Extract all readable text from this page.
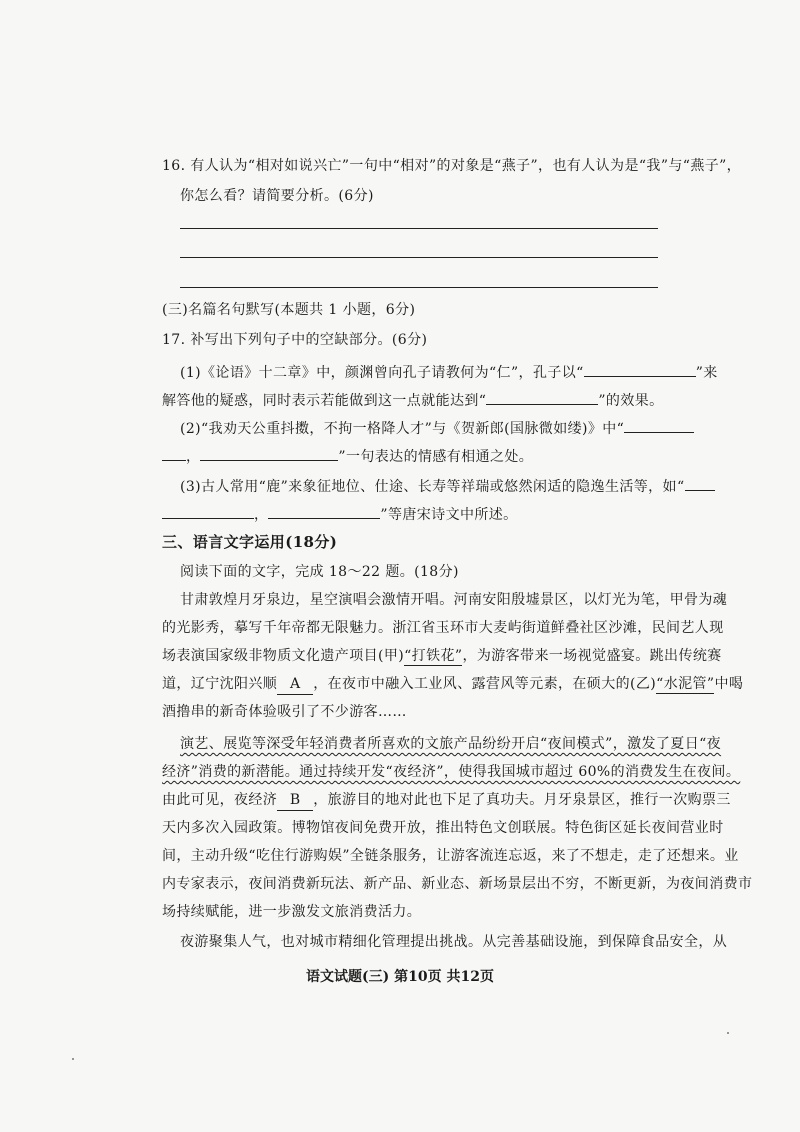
16. 有人认为“相对如说兴亡”一句中“相对”的对象是“燕子”，也有人认为是“我”与“燕子”，
你怎么看？请简要分析。(6分)
(三)名篇名句默写(本题共 1 小题，6分)
17. 补写出下列句子中的空缺部分。(6分)
(1)《论语》十二章》中，颜渊曾向孔子请教何为“仁”，孔子以“	”来
解答他的疑惑，同时表示若能做到这一点就能达到“	”的效果。
(2)“我劝天公重抖擞，不拘一格降人才”与《贺新郎(国脉微如缕)》中“
，	”一句表达的情感有相通之处。
(3)古人常用“鹿”来象征地位、仕途、长寿等祥瑞或悠然闲适的隐逸生活等，如“
，	”等唐宋诗文中所述。
三、语言文字运用(18分)
阅读下面的文字，完成 18～22 题。(18分)
甘肃敦煌月牙泉边，星空演唱会激情开唱。河南安阳殷墟景区，以灯光为笔，甲骨为魂
的光影秀，摹写千年帝都无限魅力。浙江省玉环市大麦屿街道鲜叠社区沙滩，民间艺人现
场表演国家级非物质文化遗产项目(甲)“打铁花”，为游客带来一场视觉盛宴。跳出传统赛
道，辽宁沈阳兴顺 A ，在夜市中融入工业风、露营风等元素，在硕大的(乙)“水泥管”中喝
酒撸串的新奇体验吸引了不少游客……
演艺、展览等深受年轻消费者所喜欢的文旅产品纷纷开启“夜间模式”，激发了夏日“夜
经济”消费的新潜能。通过持续开发“夜经济”，使得我国城市超过 60%的消费发生在夜间。
由此可见，夜经济 B ，旅游目的地对此也下足了真功夫。月牙泉景区，推行一次购票三
天内多次入园政策。博物馆夜间免费开放，推出特色文创联展。特色街区延长夜间营业时
间，主动升级“吃住行游购娱”全链条服务，让游客流连忘返，来了不想走，走了还想来。业
内专家表示，夜间消费新玩法、新产品、新业态、新场景层出不穷，不断更新，为夜间消费市
场持续赋能，进一步激发文旅消费活力。
夜游聚集人气，也对城市精细化管理提出挑战。从完善基础设施，到保障食品安全，从
语文试题(三) 第10页 共12页
